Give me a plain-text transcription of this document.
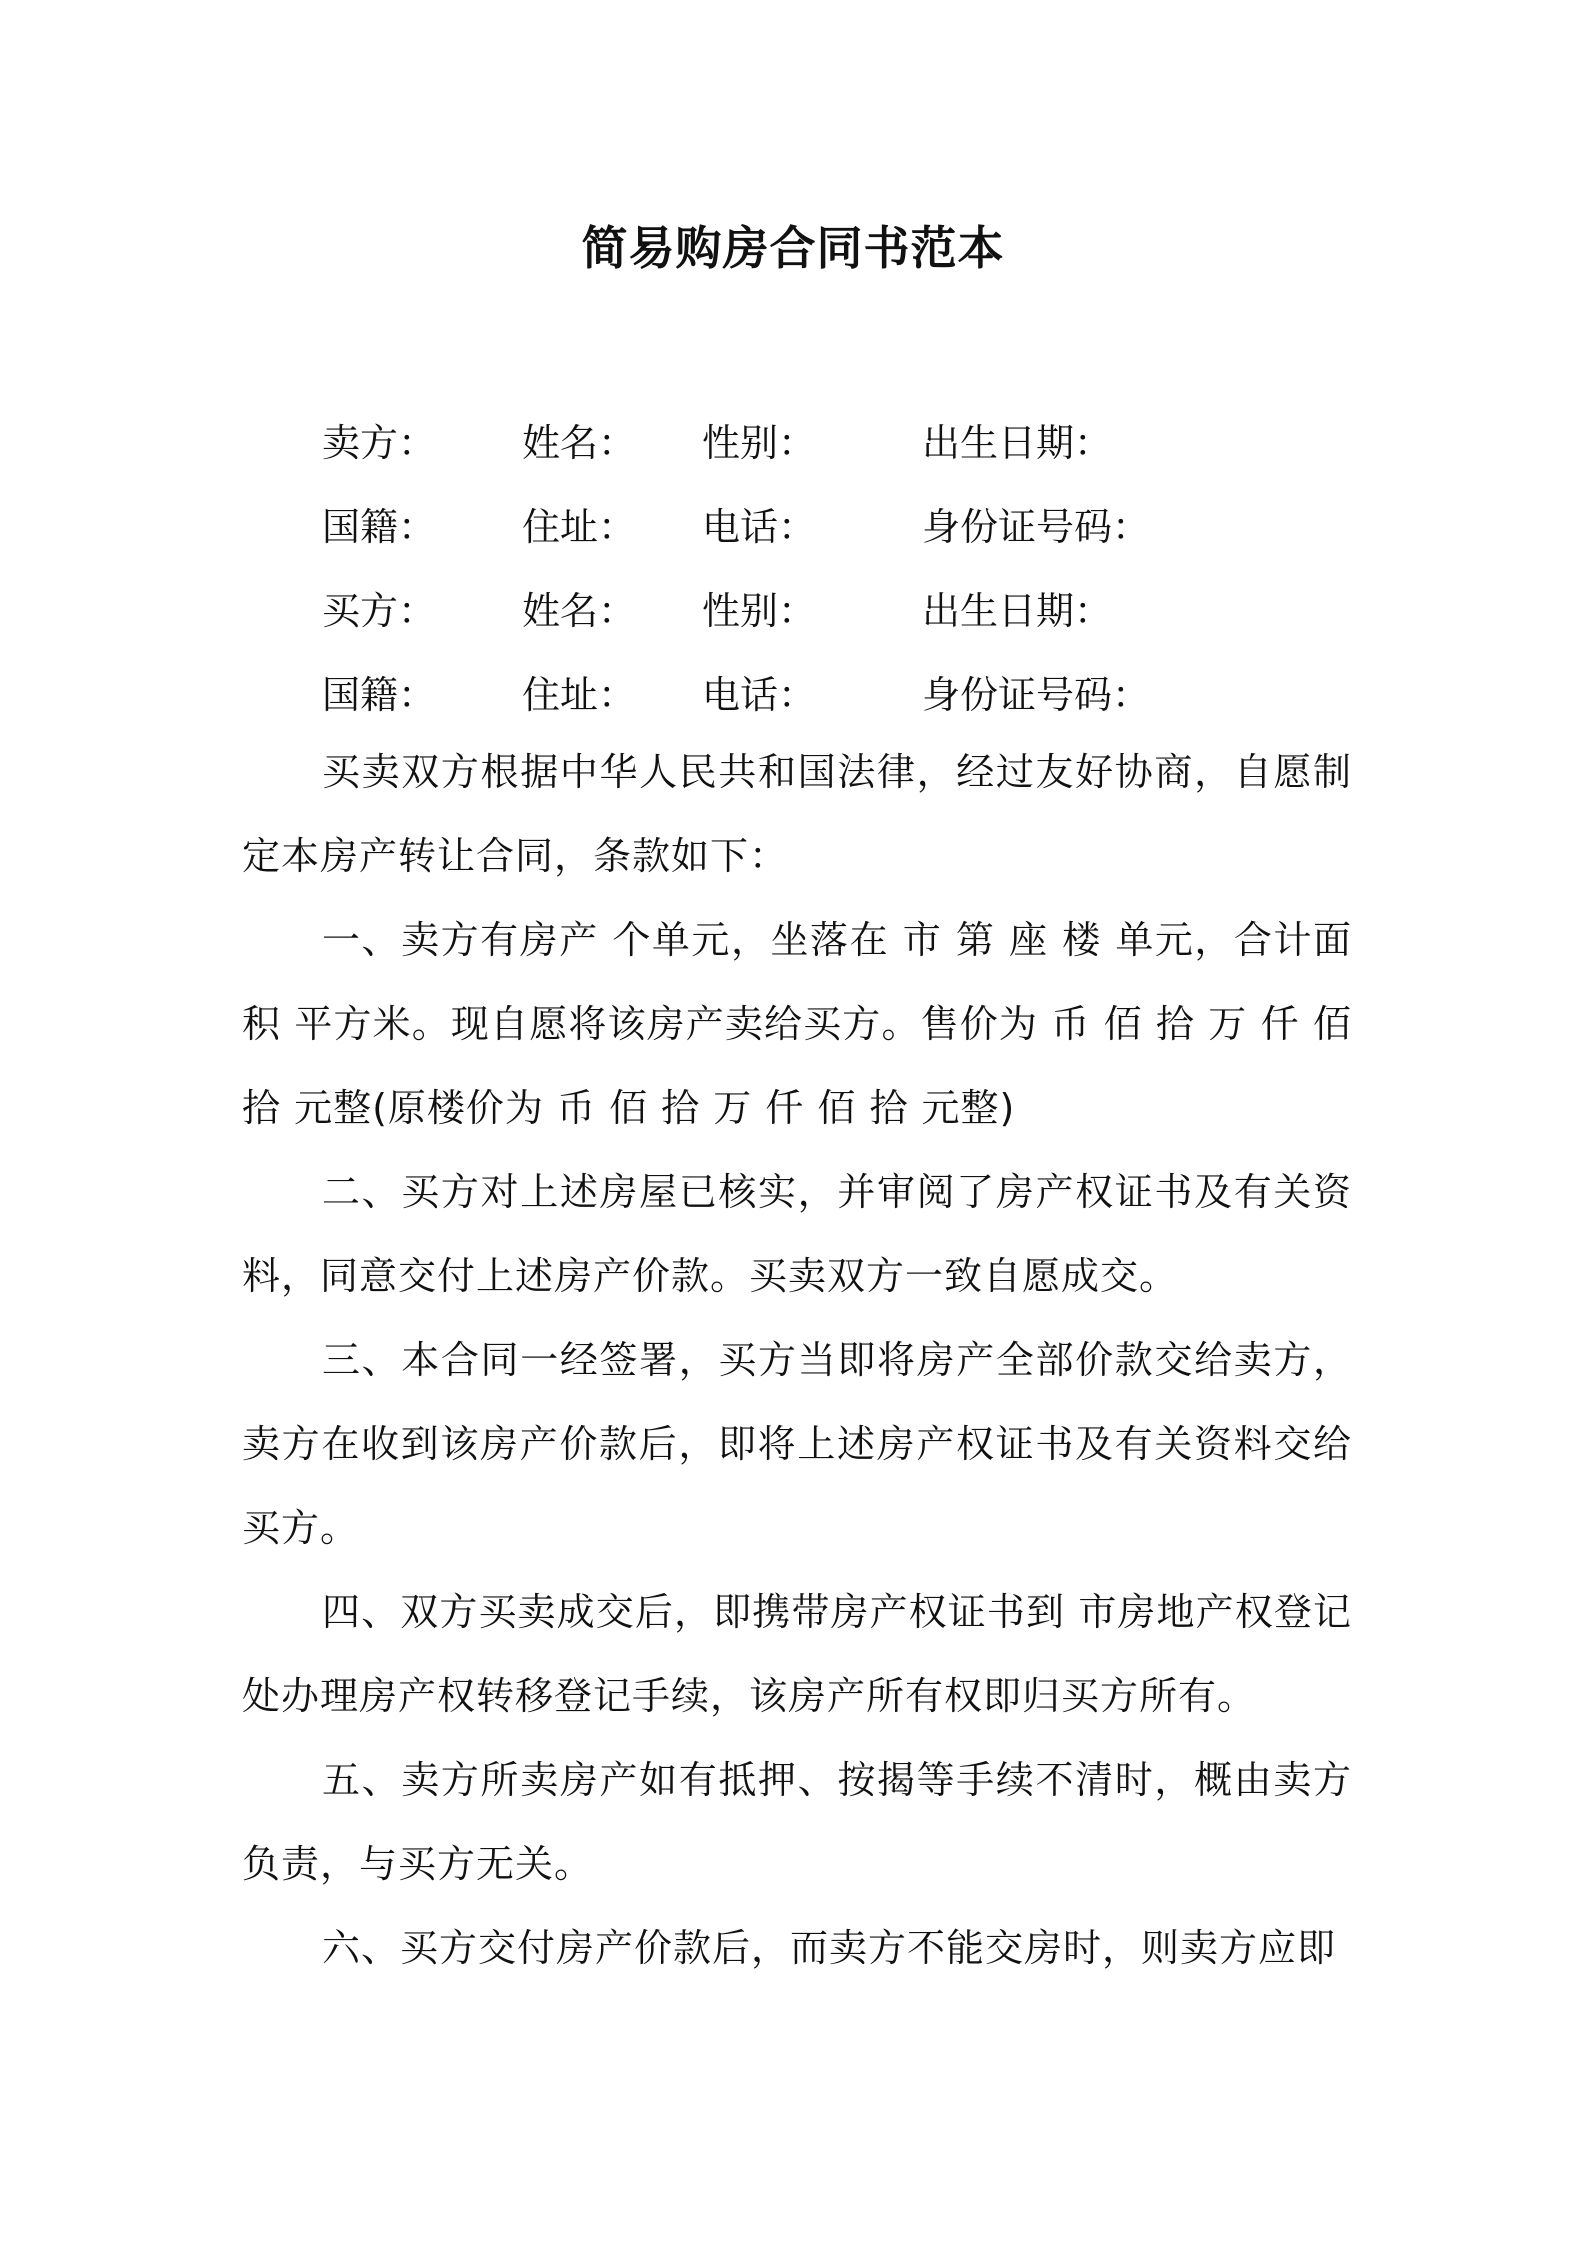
简易购房合同书范本
卖方： 姓名： 性别：	出生日期：
国籍： 住址： 电话：	身份证号码：
买方： 姓名： 性别：	出生日期：
国籍： 住址： 电话：	身份证号码：

买卖双方根据中华人民共和国法律，经过友好协商，自愿制定本房产转让合同，条款如下：

一、卖方有房产 个单元，坐落在 市 第 座 楼 单元，合计面积 平方米。现自愿将该房产卖给买方。售价为 币 佰 拾 万 仟 佰 拾 元整(原楼价为 币 佰 拾 万 仟 佰 拾 元整)

二、买方对上述房屋已核实，并审阅了房产权证书及有关资料，同意交付上述房产价款。买卖双方一致自愿成交。

三、本合同一经签署，买方当即将房产全部价款交给卖方，卖方在收到该房产价款后，即将上述房产权证书及有关资料交给买方。

四、双方买卖成交后，即携带房产权证书到 市房地产权登记处办理房产权转移登记手续，该房产所有权即归买方所有。

五、卖方所卖房产如有抵押、按揭等手续不清时，概由卖方负责，与买方无关。

六、买方交付房产价款后，而卖方不能交房时，则卖方应即
